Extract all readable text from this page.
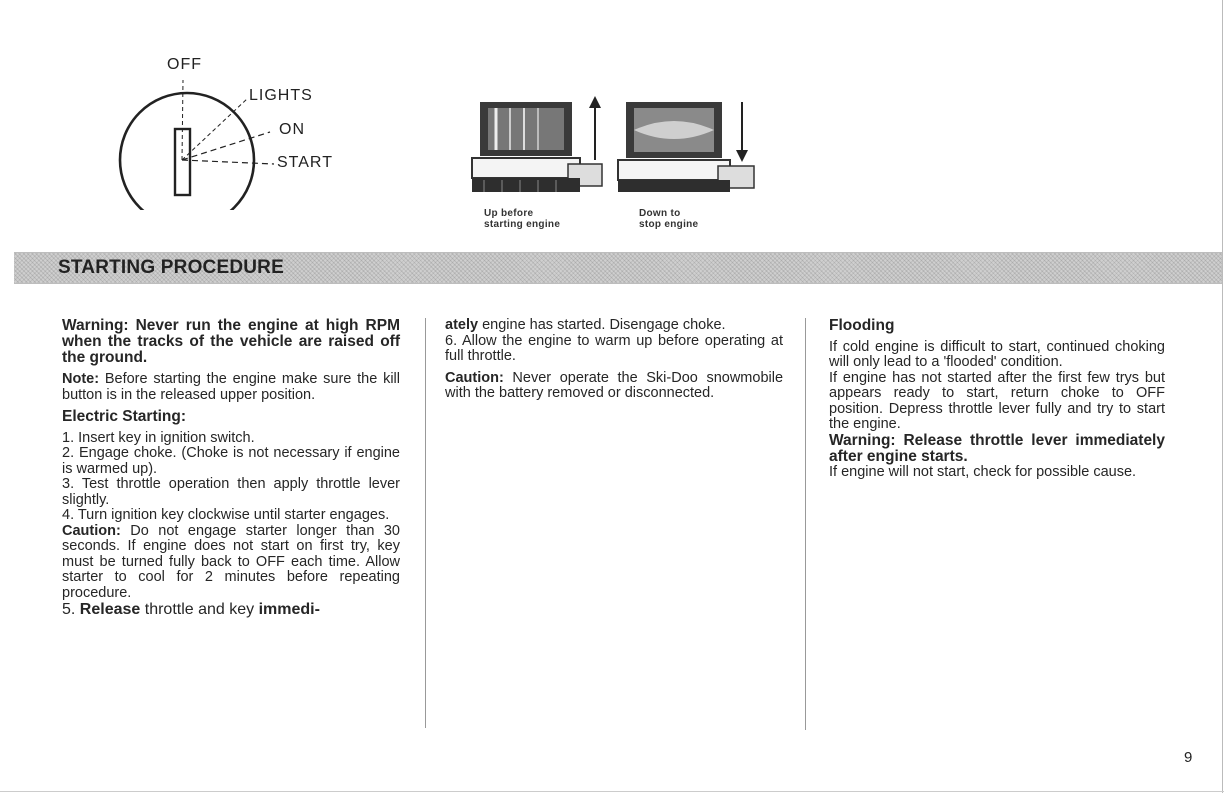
OFF
LIGHTS
ON
START
Up before
starting engine
Down to
stop engine
STARTING PROCEDURE

Warning: Never run the engine at high RPM when the tracks of the vehicle are raised off the ground.

Note: Before starting the engine make sure the kill button is in the released upper position.

Electric Starting:

1. Insert key in ignition switch.

2. Engage choke. (Choke is not necessary if engine is warmed up).

3. Test throttle operation then apply throttle lever slightly.

4. Turn ignition key clockwise until starter engages.

Caution: Do not engage starter longer than 30 seconds. If engine does not start on first try, key must be turned fully back to OFF each time. Allow starter to cool for 2 minutes before repeating procedure.

5. Release throttle and key immedi-

ately engine has started. Disengage choke.

6. Allow the engine to warm up before operating at full throttle.

Caution: Never operate the Ski-Doo snowmobile with the battery removed or disconnected.

Flooding

If cold engine is difficult to start, continued choking will only lead to a 'flooded' condition.

If engine has not started after the first few trys but appears ready to start, return choke to OFF position. Depress throttle lever fully and try to start the engine.

Warning: Release throttle lever immediately after engine starts.

If engine will not start, check for possible cause.

9
